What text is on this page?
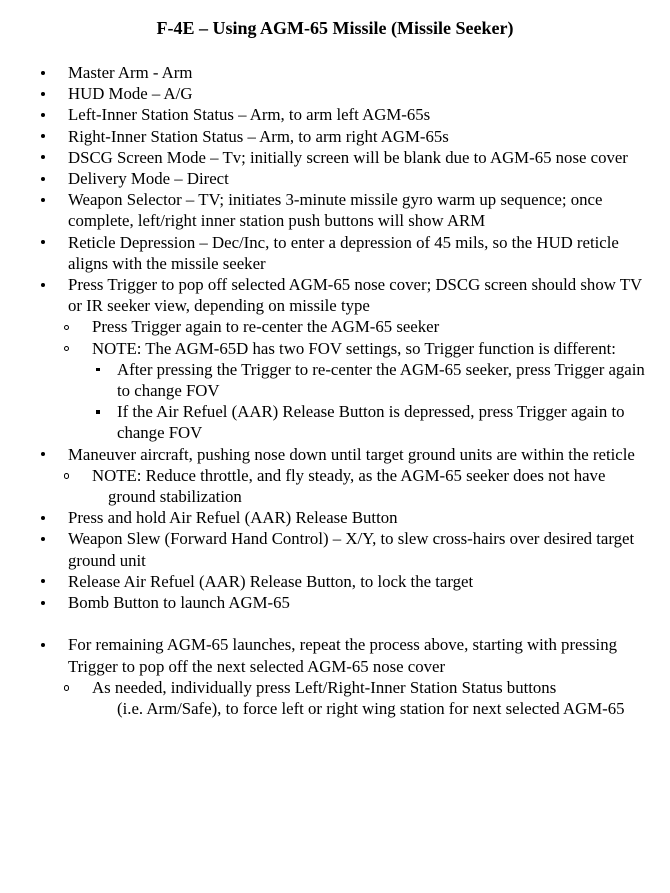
F-4E – Using AGM-65 Missile (Missile Seeker)
Master Arm - Arm
HUD Mode – A/G
Left-Inner Station Status – Arm, to arm left AGM-65s
Right-Inner Station Status – Arm, to arm right AGM-65s
DSCG Screen Mode – Tv; initially screen will be blank due to AGM-65 nose cover
Delivery Mode – Direct
Weapon Selector – TV; initiates 3-minute missile gyro warm up sequence; once
complete, left/right inner station push buttons will show ARM
Reticle Depression – Dec/Inc, to enter a depression of 45 mils, so the HUD reticle
aligns with the missile seeker
Press Trigger to pop off selected AGM-65 nose cover; DSCG screen should show TV
or IR seeker view, depending on missile type
Press Trigger again to re-center the AGM-65 seeker
NOTE: The AGM-65D has two FOV settings, so Trigger function is different:
After pressing the Trigger to re-center the AGM-65 seeker, press Trigger again
to change FOV
If the Air Refuel (AAR) Release Button is depressed, press Trigger again to
change FOV
Maneuver aircraft, pushing nose down until target ground units are within the reticle
NOTE: Reduce throttle, and fly steady, as the AGM-65 seeker does not have
ground stabilization
Press and hold Air Refuel (AAR) Release Button
Weapon Slew (Forward Hand Control) – X/Y, to slew cross-hairs over desired target
ground unit
Release Air Refuel (AAR) Release Button, to lock the target
Bomb Button to launch AGM-65
For remaining AGM-65 launches, repeat the process above, starting with pressing
Trigger to pop off the next selected AGM-65 nose cover
As needed, individually press Left/Right-Inner Station Status buttons
(i.e. Arm/Safe), to force left or right wing station for next selected AGM-65
